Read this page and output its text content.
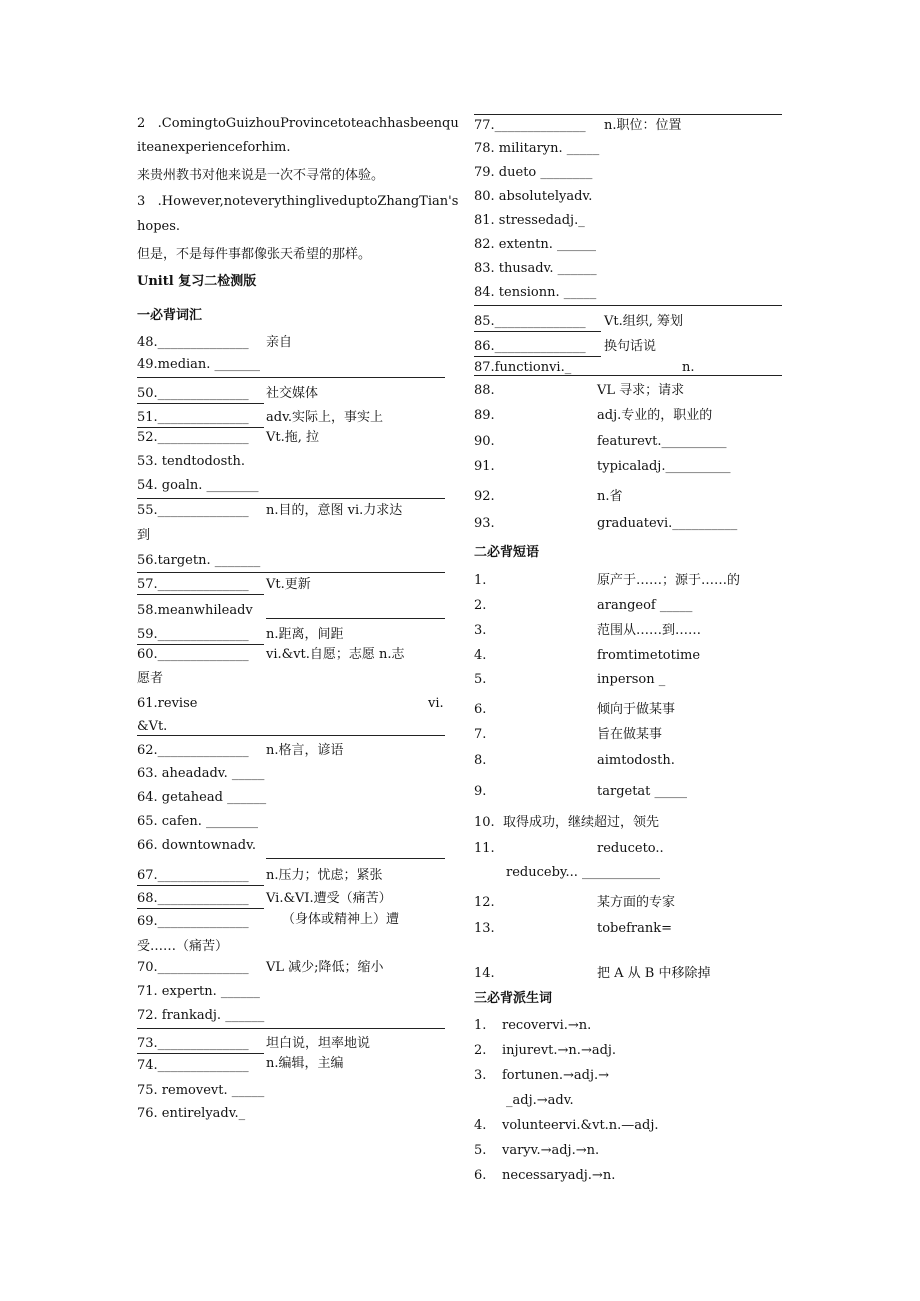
2   .ComingtoGuizhouProvincetoteachhasbeenqu
iteanexperienceforhim.
来贵州教书对他来说是一次不寻常的体验。
3   .However,noteverythinglivedupt​oZhangTian's
hopes.
但是，不是每件事都像张天希望的那样。
Unitl 复习二检测版
一必背词汇
48.______________ 亲自
49.median. _______
50.______________ 社交媒体
51.______________ adv.实际上，事实上
52.______________ Vt.拖, 拉
53. tendtodosth.
54. goaln. ________
55.______________ n.目的，意图 vi.力求达
到
56.targetn. _______
57.______________ Vt.更新
58.meanwhileadv
59.______________ n.距离，间距
60.______________ vi.&vt.自愿；志愿 n.志
愿者
61.revise	vi.
&Vt.
62.______________ n.格言，谚语
63. aheadadv. _____
64. getahead ______
65. cafen. ________
66. downtownadv.
67.______________ n.压力；忧虑；紧张
68.______________ Vi.&VI.遭受（痛苦）
69.______________	（身体或精神上）遭
受……（痛苦）
70.______________ VL 减少;降低；缩小
71. expertn. ______
72. frankadj. ______
73.______________ 坦白说，坦率地说
74.______________ n.编辑，主编
75. removevt. _____
76. entirelyadv._
77.______________ n.职位：位置
78. militaryn. _____
79. dueto ________
80. absolutelyadv.
81. stressedadj._
82. extentn. ______
83. thusadv. ______
84. tensionn. _____
85.______________ Vt.组织, 筹划
86.______________ 换句话说
87.functionvi._	n.
88.	VL 寻求；请求
89.	adj.专业的，职业的
90.	featurevt.__________
91.	typicaladj.__________
92.	n.省
93.	graduatevi.__________
二必背短语
1.	原产于……；源于……的
2.	arangeof _____
3.	范围从……到……
4.	fromtimetotime
5.	inperson _
6.	倾向于做某事
7.	旨在做某事
8.	aimtodosth.
9.	targetat _____
10.  取得成功，继续超过，领先
11.	reduceto..
reduceby... ____________
12.	某方面的专家
13.	tobefrank=
14.	把 A 从 B 中移除掉
三必背派生词
1. recovervi.→n.
2. injurevt.→n.→adj.
3. fortunen.→adj.→
_adj.→adv.
4. volunteervi.&vt.n.—adj.
5. varyv.→adj.→n.
6. necessaryadj.→n.
